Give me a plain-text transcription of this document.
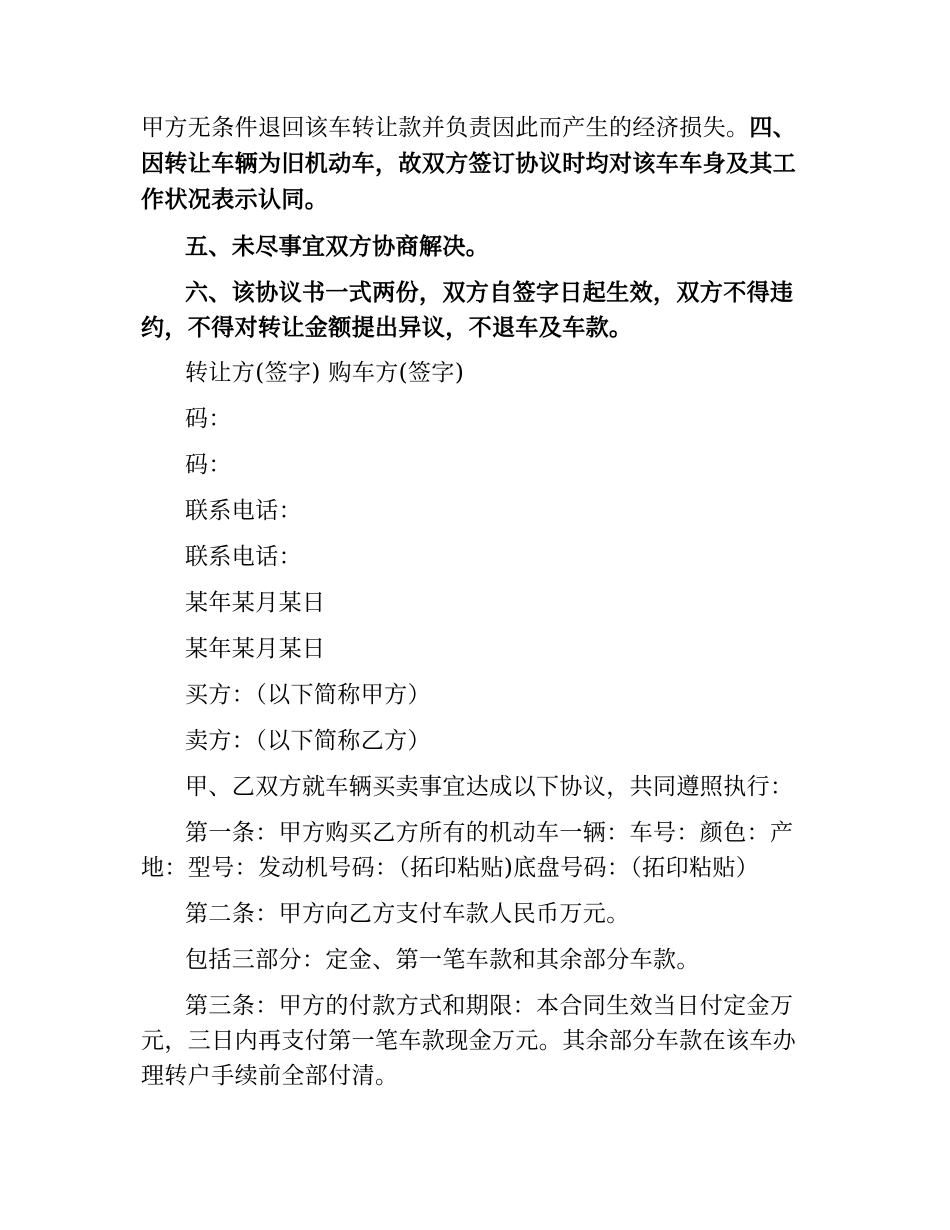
甲方无条件退回该车转让款并负责因此而产生的经济损失。四、因转让车辆为旧机动车，故双方签订协议时均对该车车身及其工作状况表示认同。

五、未尽事宜双方协商解决。

六、该协议书一式两份，双方自签字日起生效，双方不得违约，不得对转让金额提出异议，不退车及车款。

转让方(签字) 购车方(签字)

码：

码：

联系电话：

联系电话：

某年某月某日

某年某月某日

买方：（以下简称甲方）

卖方：（以下简称乙方）

甲、乙双方就车辆买卖事宜达成以下协议，共同遵照执行：

第一条：甲方购买乙方所有的机动车一辆：车号：颜色：产地：型号：发动机号码：（拓印粘贴)底盘号码：（拓印粘贴）

第二条：甲方向乙方支付车款人民币万元。

包括三部分：定金、第一笔车款和其余部分车款。

第三条：甲方的付款方式和期限：本合同生效当日付定金万元，三日内再支付第一笔车款现金万元。其余部分车款在该车办理转户手续前全部付清。
